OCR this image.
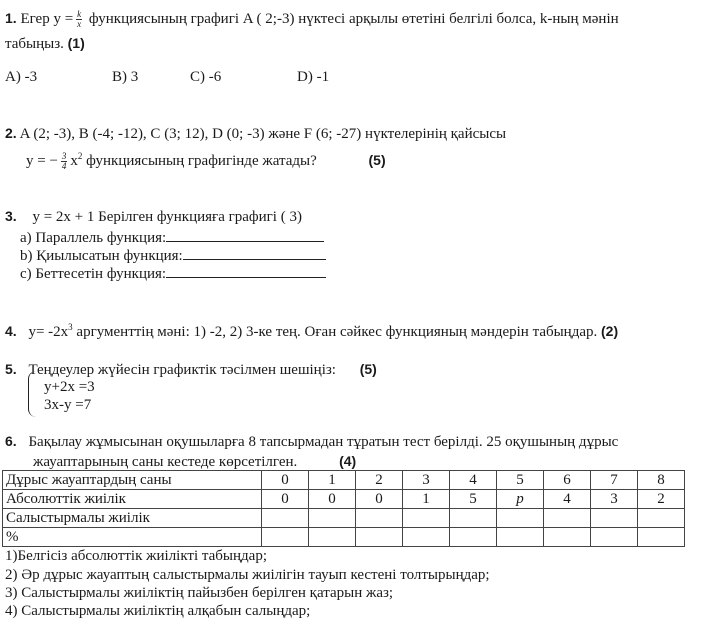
1. Егер $y = \frac{k}{x}$ функциясының графигі A ( 2;-3) нүктесі арқылы өтетіні белгілі болса, k-ның мәнін
табыңыз. (1)
A) -3	B) 3	C) -6	D) -1
2. A (2; -3), B (-4; -12), C (3; 12), D (0; -3) және F (6; -27) нүктелерінің қайсысы
y = − $\frac{3}{4} x^2$ функциясының графигінде жатады?	(5)
3. y = 2x + 1 Берілген функцияға графигі ( 3)
a) Параллель функция:
b) Қиылысатын функция:
c) Беттесетін функция:
4. $y= -2x^3$ аргументтің мәні: 1) -2, 2) 3-ке тең. Оған сәйкес функцияның мәндерін табыңдар. (2)
5. Теңдеулер жүйесін графиктік тәсілмен шешіңіз: (5)
y+2x =3
3x-y =7
6. Бақылау жұмысынан оқушыларға 8 тапсырмадан тұратын тест берілді. 25 оқушының дұрыс
жауаптарының саны кестеде көрсетілген.	(4)
Дұрыс жауаптардың саны	0	1	2	3	4	5	6	7	8
Абсолюттік жиілік	0	0	0	1	5	p	4	3	2
Салыстырмалы жиілік									
%									
1)Белгісіз абсолюттік жиілікті табыңдар;
2) Әр дұрыс жауаптың салыстырмалы жиілігін тауып кестені толтырыңдар;
3) Салыстырмалы жиіліктің пайызбен берілген қатарын жаз;
4) Салыстырмалы жиіліктің алқабын салыңдар;
